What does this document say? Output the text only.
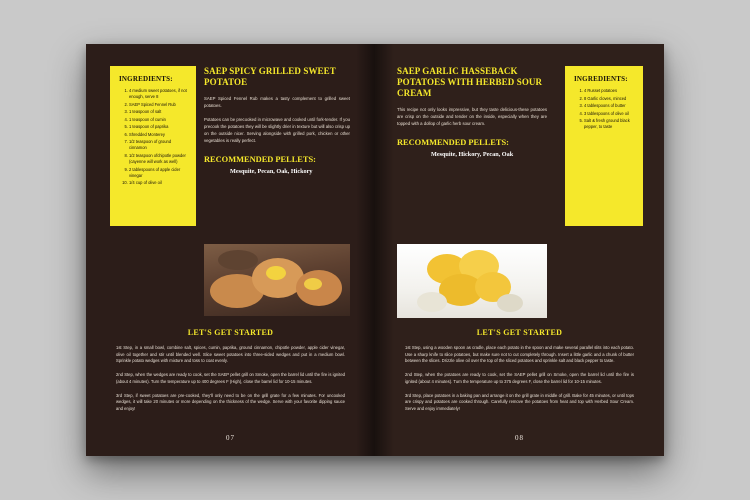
INGREDIENTS:
1. 4 medium sweet potatoes, if not enough, serve 8
2. SAEP Spiced Fennel Rub
3. 1 teaspoon of salt
4. 1 teaspoon of cumin
5. 1 teaspoon of paprika
6. Shredded Monterey
7. 1/2 teaspoon of ground cinnamon
8. 1/2 teaspoon ofchipotle powder (cayenne will work as well)
9. 2 tablespoons of apple cider vinegar
10. 1/4 cup of olive oil
SAEP SPICY GRILLED SWEET POTATOE

SAEP Spiced Fennel Rub makes a tasty complement to grilled sweet potatoes.

Potatoes can be precooked in microwave and cooked until fork-tender. If you precook the potatoes they will be slightly drier in texture but will also crisp up on the outside nicer. Serving alongside with grilled pork, chicken or other vegetables is really perfect.

RECOMMENDED PELLETS:

Mesquite, Pecan, Oak, Hickory

LET'S GET STARTED

1st Step, in a small bowl, combine salt, spices, cumin, paprika, ground cinnamon, chipotle powder, apple cider vinegar, olive oil together and stir until blended well. Slice sweet potatoes into three-sided wedges and put in a medium bowl. Sprinkle potato wedges with mixture and toss to coat evenly.

2nd Step, when the wedges are ready to cook, set the SAEP pellet grill on Smoke, open the barrel lid until the fire is ignited (about 4 minutes). Turn the temperature up to 400 degrees F (High), close the barrel lid for 10-15 minutes.

3rd Step, if sweet potatoes are pre-cooked, they'll only need to be on the grill grate for a few minutes. For uncooked wedges, it will take 20 minutes or more depending on the thickness of the wedge. Serve with your favorite dipping sauce and enjoy!

07
INGREDIENTS:
1. 4 Russet potatoes
2. 8 Garlic cloves, minced
3. 4 tablespoons of butter
4. 3 tablespoons of olive oil
5. Salt & fresh ground black pepper, to taste
SAEP GARLIC HASSEBACK POTATOES WITH HERBED SOUR CREAM

This recipe not only looks impressive, but they taste delicious-these potatoes are crisp on the outside and tender on the inside, especially when they are topped with a dollop of garlic herb sour cream.

RECOMMENDED PELLETS:

Mesquite, Hickory, Pecan, Oak

LET'S GET STARTED

1st Step, using a wooden spoon as cradle, place each potato in the spoon and make several parallel slits into each potato. Use a sharp knife to slice potatoes, but make sure not to cut completely through. Insert a little garlic and a chunk of butter between the slices. Drizzle olive oil over the top of the sliced potatoes and sprinkle salt and black pepper to taste.

2nd Step, when the potatoes are ready to cook, set the SAEP pellet grill on Smoke, open the barrel lid until the fire is ignited (about 4 minutes). Turn the temperature up to 375 degrees F, close the barrel lid for 10-15 minutes.

3rd Step, place potatoes in a baking pan and arrange it on the grill grate in middle of grill. Bake for 45 minutes, or until tops are crispy and potatoes are cooked through. Carefully remove the potatoes from heat and top with Herbed Sour Cream. Serve and enjoy immediately!

08
